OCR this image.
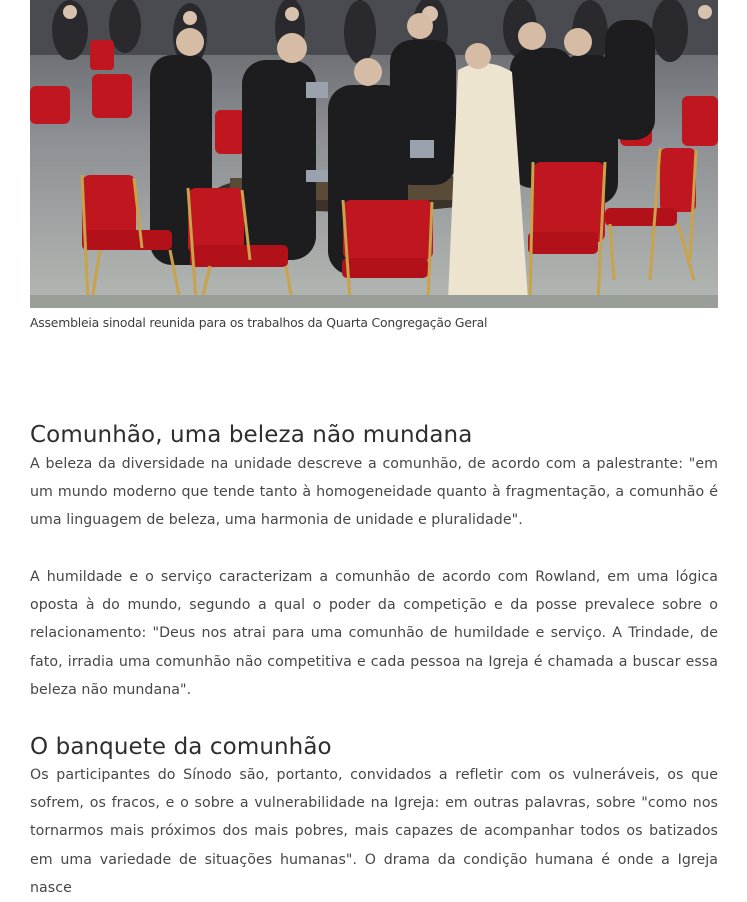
Assembleia sinodal reunida para os trabalhos da Quarta Congregação Geral
Comunhão, uma beleza não mundana

A beleza da diversidade na unidade descreve a comunhão, de acordo com a palestrante: "em um mundo moderno que tende tanto à homogeneidade quanto à fragmentação, a comunhão é uma linguagem de beleza, uma harmonia de unidade e pluralidade".

A humildade e o serviço caracterizam a comunhão de acordo com Rowland, em uma lógica oposta à do mundo, segundo a qual o poder da competição e da posse prevalece sobre o relacionamento: "Deus nos atrai para uma comunhão de humildade e serviço. A Trindade, de fato, irradia uma comunhão não competitiva e cada pessoa na Igreja é chamada a buscar essa beleza não mundana".

O banquete da comunhão

Os participantes do Sínodo são, portanto, convidados a refletir com os vulneráveis, os que sofrem, os fracos, e o sobre a vulnerabilidade na Igreja: em outras palavras, sobre "como nos tornarmos mais próximos dos mais pobres, mais capazes de acompanhar todos os batizados em uma variedade de situações humanas". O drama da condição humana é onde a Igreja nasce
